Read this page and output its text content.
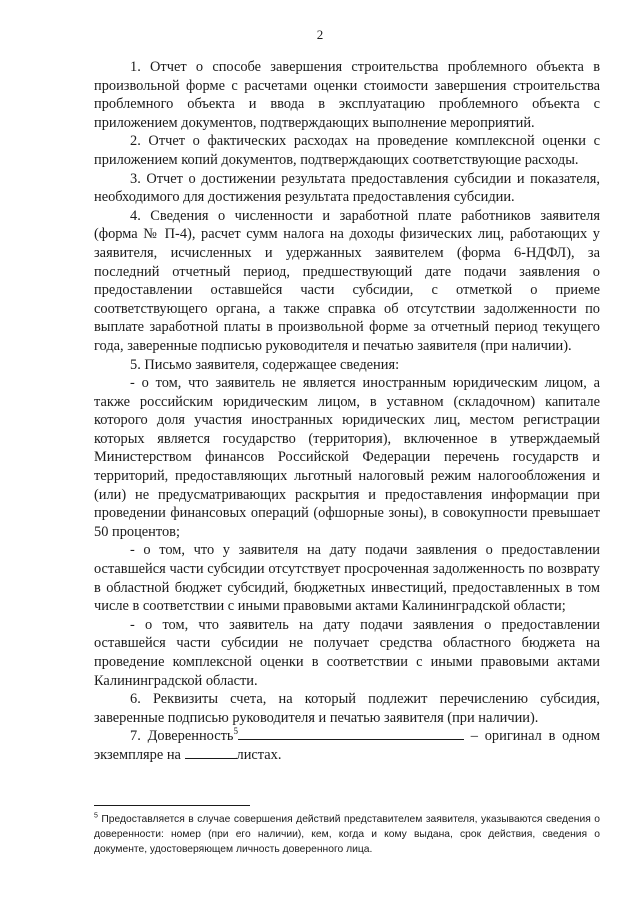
2

1. Отчет о способе завершения строительства проблемного объекта в произвольной форме с расчетами оценки стоимости завершения строительства проблемного объекта и ввода в эксплуатацию проблемного объекта с приложением документов, подтверждающих выполнение мероприятий.

2. Отчет о фактических расходах на проведение комплексной оценки с приложением копий документов, подтверждающих соответствующие расходы.

3. Отчет о достижении результата предоставления субсидии и показателя, необходимого для достижения результата предоставления субсидии.

4. Сведения о численности и заработной плате работников заявителя (форма № П-4), расчет сумм налога на доходы физических лиц, работающих у заявителя, исчисленных и удержанных заявителем (форма 6-НДФЛ), за последний отчетный период, предшествующий дате подачи заявления о предоставлении оставшейся части субсидии, с отметкой о приеме соответствующего органа, а также справка об отсутствии задолженности по выплате заработной платы в произвольной форме за отчетный период текущего года, заверенные подписью руководителя и печатью заявителя (при наличии).

5. Письмо заявителя, содержащее сведения:

- о том, что заявитель не является иностранным юридическим лицом, а также российским юридическим лицом, в уставном (складочном) капитале которого доля участия иностранных юридических лиц, местом регистрации которых является государство (территория), включенное в утверждаемый Министерством финансов Российской Федерации перечень государств и территорий, предоставляющих льготный налоговый режим налогообложения и (или) не предусматривающих раскрытия и предоставления информации при проведении финансовых операций (офшорные зоны), в совокупности превышает 50 процентов;

- о том, что у заявителя на дату подачи заявления о предоставлении оставшейся части субсидии отсутствует просроченная задолженность по возврату в областной бюджет субсидий, бюджетных инвестиций, предоставленных в том числе в соответствии с иными правовыми актами Калининградской области;

- о том, что заявитель на дату подачи заявления о предоставлении оставшейся части субсидии не получает средства областного бюджета на проведение комплексной оценки в соответствии с иными правовыми актами Калининградской области.

6. Реквизиты счета, на который подлежит перечислению субсидия, заверенные подписью руководителя и печатью заявителя (при наличии).

7. Доверенность$^5$	– оригинал в одном экземпляре на	листах.

$^5$ Предоставляется в случае совершения действий представителем заявителя, указываются сведения о доверенности: номер (при его наличии), кем, когда и кому выдана, срок действия, сведения о документе, удостоверяющем личность доверенного лица.
